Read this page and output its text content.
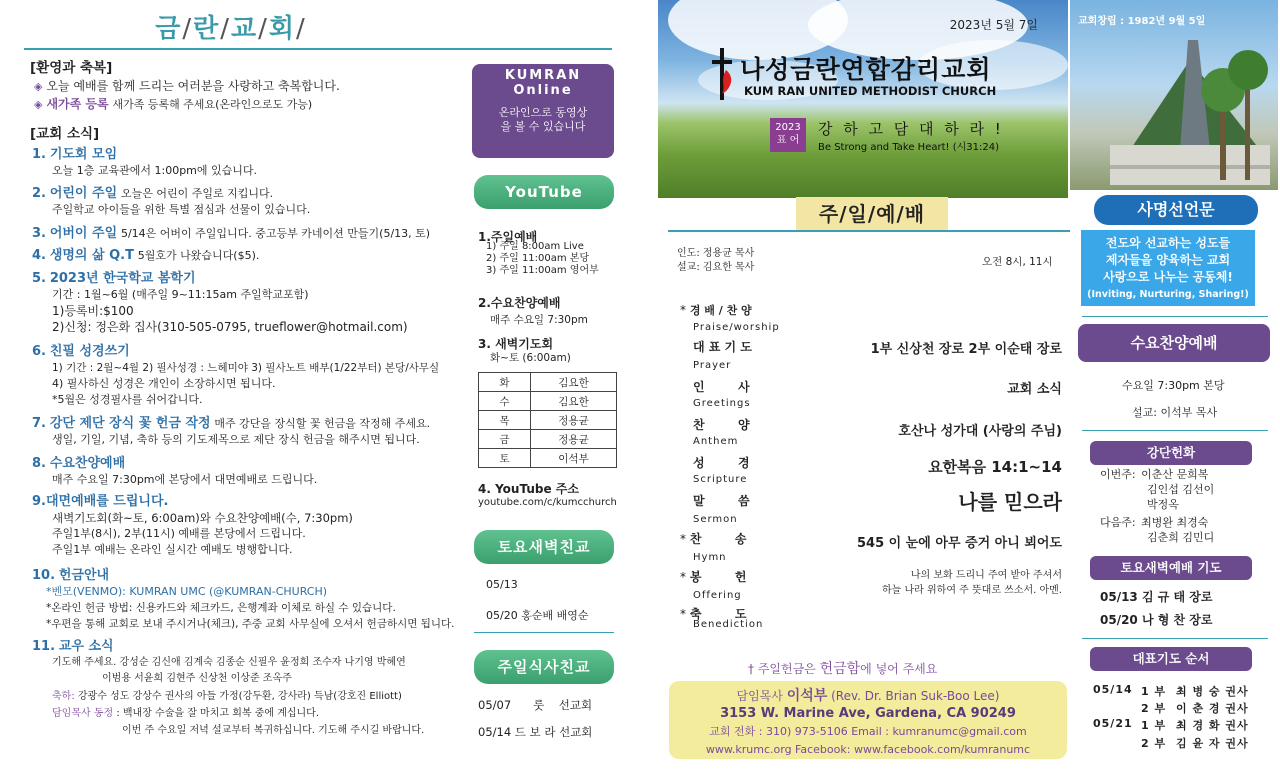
금/란/교/회/
[환영과 축복]
◈ 오늘 예배를 함께 드리는 여러분을 사랑하고 축복합니다.
◈ 새가족 등록 새가족 등록해 주세요(온라인으로도 가능)
[교회 소식]
1. 기도회 모임
오늘 1층 교육관에서 1:00pm에 있습니다.
2. 어린이 주일 오늘은 어린이 주일로 지킵니다.
주일학교 아이들을 위한 특별 점심과 선물이 있습니다.
3. 어버이 주일 5/14은 어버이 주일입니다. 중고등부 카네이션 만들기(5/13, 토)
4. 생명의 삶 Q.T 5월호가 나왔습니다($5).
5. 2023년 한국학교 봄학기
기간 : 1월~6월 (매주일 9~11:15am 주일학교포함)
1)등록비:$100
2)신청: 정은화 집사(310-505-0795, trueflower@hotmail.com)
6. 친필 성경쓰기
1) 기간 : 2월~4월 2) 필사성경 : 느헤미야 3) 필사노트 배부(1/22부터) 본당/사무실
4) 필사하신 성경은 개인이 소장하시면 됩니다.
*5월은 성경필사를 쉬어갑니다.
7. 강단 제단 장식 꽃 헌금 작정 매주 강단을 장식할 꽃 헌금을 작정해 주세요.
생일, 기일, 기념, 축하 등의 기도제목으로 제단 장식 헌금을 해주시면 됩니다.
8. 수요찬양예배
매주 수요일 7:30pm에 본당에서 대면예배로 드립니다.
9.대면예배를 드립니다.
새벽기도회(화~토, 6:00am)와 수요찬양예배(수, 7:30pm)
주일1부(8시), 2부(11시) 예배를 본당에서 드립니다.
주일1부 예배는 온라인 실시간 예배도 병행합니다.
10. 헌금안내
*벤모(VENMO): KUMRAN UMC (@KUMRAN-CHURCH)
*온라인 헌금 방법: 신용카드와 체크카드, 은행계좌 이체로 하실 수 있습니다.
*우편을 통해 교회로 보내 주시거나(체크), 주중 교회 사무실에 오셔서 헌금하시면 됩니다.
11. 교우 소식
기도해 주세요. 강성순 김신애 김계숙 김종순 신필우 윤정희 조수자 나기영 박혜연
이범용 서윤희 김현주 신상천 이상준 조옥주
축하: 강광수 성도 강상수 권사의 아들 가정(강두환, 강사라) 득남(강호진 Elliott)
담임목사 동정 : 백내장 수술을 잘 마치고 회복 중에 계십니다.
이번 주 수요일 저녁 설교부터 복귀하십니다. 기도해 주시길 바랍니다.
KUMRAN Online
온라인으로 동영상을 볼 수 있습니다
YouTube
1.주일예배
1) 주일 8:00am Live
2) 주일 11:00am 본당
3) 주일 11:00am 영어부
2.수요찬양예배
매주 수요일 7:30pm
3. 새벽기도회
화~토 (6:00am)
화	김요한
수	김요한
목	정용균
금	정용균
토	이석부
4. YouTube 주소
youtube.com/c/kumcchurch
토요새벽친교
05/13
05/20 홍순배 배영순
주일식사친교
05/07      룻    선교회
05/14 드 보 라 선교회
2023년 5월 7일
나성금란연합감리교회
KUM RAN UNITED METHODIST CHURCH
2023 표 어
강 하 고 담 대 하 라 !
Be Strong and Take Heart! (시31:24)
주/일/예/배
인도: 정용균 목사
설교: 김요한 목사	오전 8시, 11시
* 경 배 / 찬 양
Praise/worship
대 표 기 도
Prayer
1부 신상천 장로 2부 이순태 장로
인        사
Greetings
교회 소식
찬        양
Anthem
호산나 성가대 (사랑의 주님)
성        경
Scripture
요한복음 14:1~14
말        씀
Sermon
나를 믿으라
* 찬        송
Hymn
545 이 눈에 아무 증거 아니 뵈어도
* 봉        헌
Offering
나의 보화 드리니 주여 받아 주셔서
하늘 나라 위하여 주 뜻대로 쓰소서. 아멘.
* 축        도
Benediction
† 주일헌금은 헌금함에 넣어 주세요
담임목사 이석부 (Rev. Dr. Brian Suk-Boo Lee)
3153 W. Marine Ave, Gardena, CA 90249
교회 전화 : 310) 973-5106 Email : kumranumc@gmail.com
www.krumc.org Facebook: www.facebook.com/kumranumc
교회창립 : 1982년 9월 5일
사명선언문
전도와 선교하는 성도들
제자들을 양육하는 교회
사랑으로 나누는 공동체!
(Inviting, Nurturing, Sharing!)
수요찬양예배
수요일 7:30pm 본당
설교: 이석부 목사
강단헌화
이번주: 이춘산 문희복
김인섭 김선이
박정옥
다음주: 최병완 최경숙
김춘희 김민디
토요새벽예배 기도
05/13 김 규 태 장로
05/20 나 형 찬 장로
대표기도 순서
05/14 1 부 최 병 숭 권사
2 부 이 춘 경 권사
05/21 1 부 최 경 화 권사
2 부 김 윤 자 권사
